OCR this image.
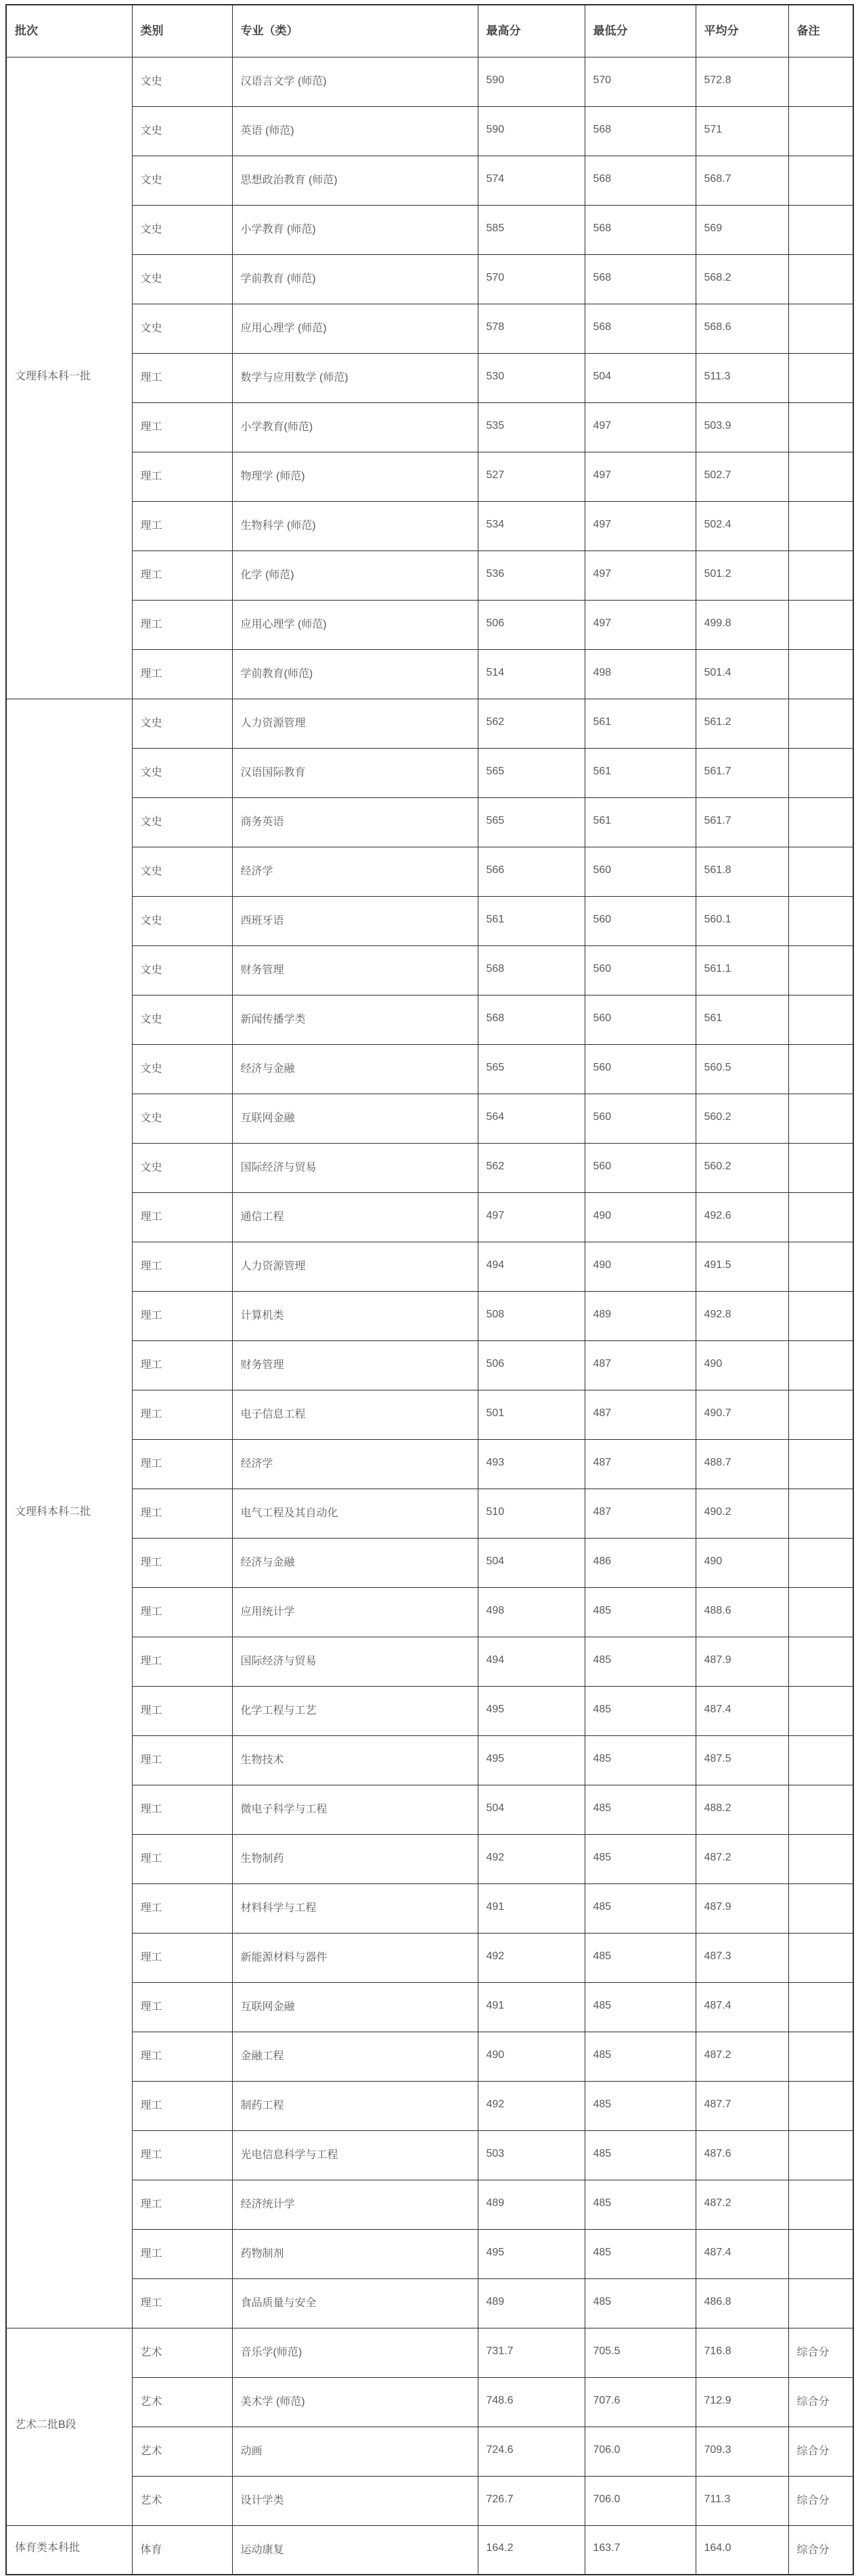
批次	类别	专业（类）	最高分	最低分	平均分	备注
文理科本科一批	文史	汉语言文学 (师范)	590	570	572.8	
	文史	英语 (师范)	590	568	571	
	文史	思想政治教育 (师范)	574	568	568.7	
	文史	小学教育 (师范)	585	568	569	
	文史	学前教育 (师范)	570	568	568.2	
	文史	应用心理学 (师范)	578	568	568.6	
	理工	数学与应用数学 (师范)	530	504	511.3	
	理工	小学教育(师范)	535	497	503.9	
	理工	物理学 (师范)	527	497	502.7	
	理工	生物科学 (师范)	534	497	502.4	
	理工	化学 (师范)	536	497	501.2	
	理工	应用心理学 (师范)	506	497	499.8	
	理工	学前教育(师范)	514	498	501.4	
文理科本科二批	文史	人力资源管理	562	561	561.2	
	文史	汉语国际教育	565	561	561.7	
	文史	商务英语	565	561	561.7	
	文史	经济学	566	560	561.8	
	文史	西班牙语	561	560	560.1	
	文史	财务管理	568	560	561.1	
	文史	新闻传播学类	568	560	561	
	文史	经济与金融	565	560	560.5	
	文史	互联网金融	564	560	560.2	
	文史	国际经济与贸易	562	560	560.2	
	理工	通信工程	497	490	492.6	
	理工	人力资源管理	494	490	491.5	
	理工	计算机类	508	489	492.8	
	理工	财务管理	506	487	490	
	理工	电子信息工程	501	487	490.7	
	理工	经济学	493	487	488.7	
	理工	电气工程及其自动化	510	487	490.2	
	理工	经济与金融	504	486	490	
	理工	应用统计学	498	485	488.6	
	理工	国际经济与贸易	494	485	487.9	
	理工	化学工程与工艺	495	485	487.4	
	理工	生物技术	495	485	487.5	
	理工	微电子科学与工程	504	485	488.2	
	理工	生物制药	492	485	487.2	
	理工	材料科学与工程	491	485	487.9	
	理工	新能源材料与器件	492	485	487.3	
	理工	互联网金融	491	485	487.4	
	理工	金融工程	490	485	487.2	
	理工	制药工程	492	485	487.7	
	理工	光电信息科学与工程	503	485	487.6	
	理工	经济统计学	489	485	487.2	
	理工	药物制剂	495	485	487.4	
	理工	食品质量与安全	489	485	486.8	
艺术二批B段	艺术	音乐学(师范)	731.7	705.5	716.8	综合分
	艺术	美术学 (师范)	748.6	707.6	712.9	综合分
	艺术	动画	724.6	706.0	709.3	综合分
	艺术	设计学类	726.7	706.0	711.3	综合分
体育类本科批	体育	运动康复	164.2	163.7	164.0	综合分
